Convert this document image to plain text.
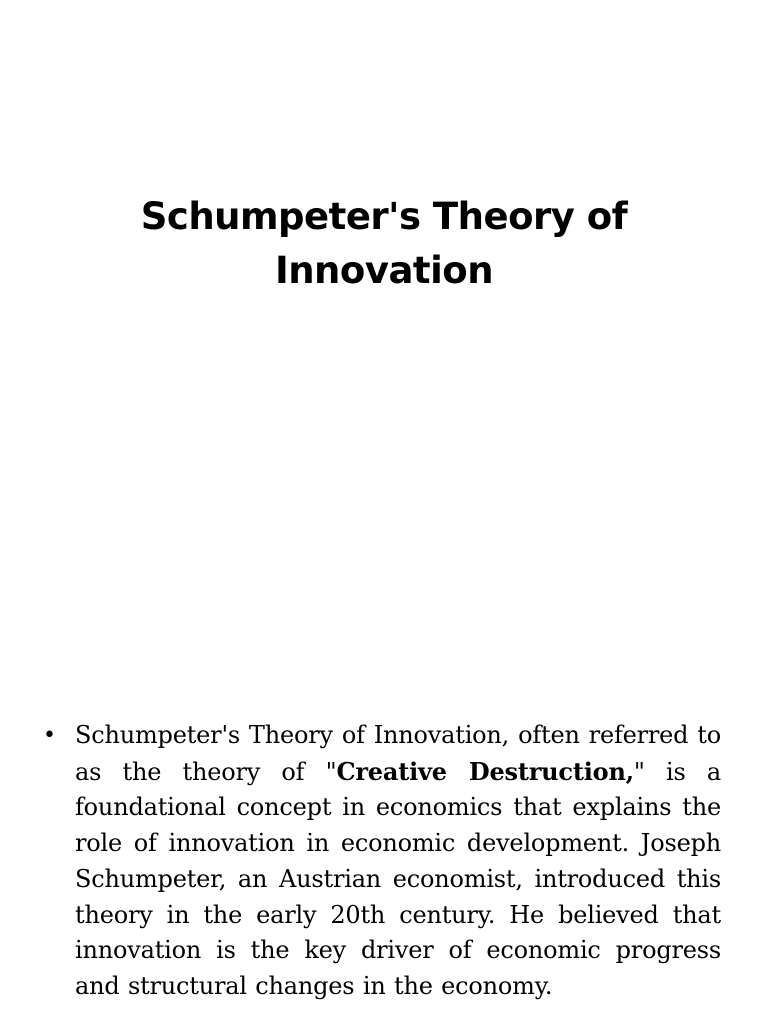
Schumpeter's Theory of Innovation
• Schumpeter's Theory of Innovation, often referred to as the theory of "Creative Destruction," is a foundational concept in economics that explains the role of innovation in economic development. Joseph Schumpeter, an Austrian economist, introduced this theory in the early 20th century. He believed that innovation is the key driver of economic progress and structural changes in the economy.
